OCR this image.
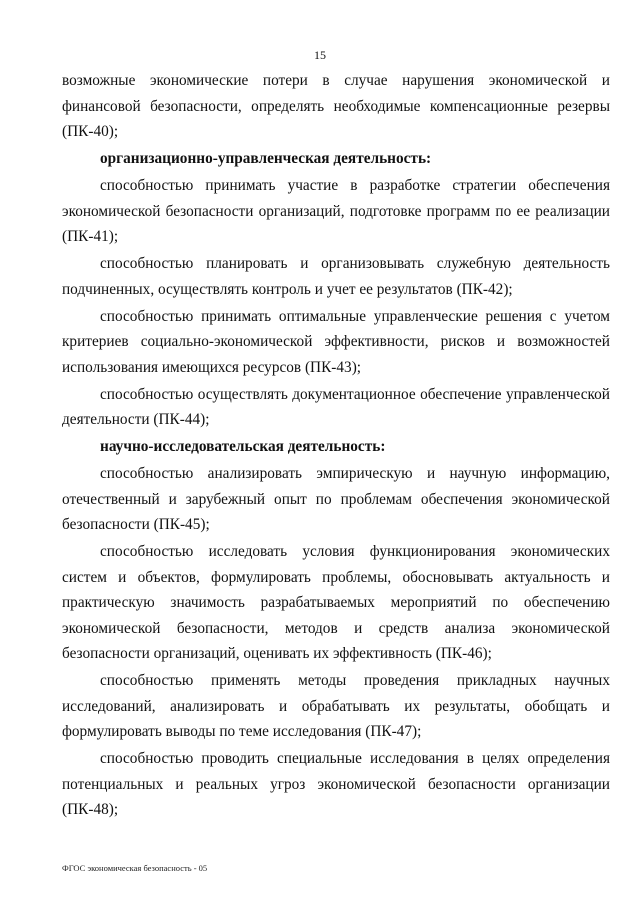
15

возможные экономические потери в случае нарушения экономической и финансовой безопасности, определять необходимые компенсационные резервы (ПК-40);

организационно-управленческая деятельность:

способностью принимать участие в разработке стратегии обеспечения экономической безопасности организаций, подготовке программ по ее реализации (ПК-41);

способностью планировать и организовывать служебную деятельность подчиненных, осуществлять контроль и учет ее результатов (ПК-42);

способностью принимать оптимальные управленческие решения с учетом критериев социально-экономической эффективности, рисков и возможностей использования имеющихся ресурсов (ПК-43);

способностью осуществлять документационное обеспечение управленческой деятельности (ПК-44);

научно-исследовательская деятельность:

способностью анализировать эмпирическую и научную информацию, отечественный и зарубежный опыт по проблемам обеспечения экономической безопасности (ПК-45);

способностью исследовать условия функционирования экономических систем и объектов, формулировать проблемы, обосновывать актуальность и практическую значимость разрабатываемых мероприятий по обеспечению экономической безопасности, методов и средств анализа экономической безопасности организаций, оценивать их эффективность (ПК-46);

способностью применять методы проведения прикладных научных исследований, анализировать и обрабатывать их результаты, обобщать и формулировать выводы по теме исследования (ПК-47);

способностью проводить специальные исследования в целях определения потенциальных и реальных угроз экономической безопасности организации (ПК-48);

ФГОС экономическая безопасность - 05
